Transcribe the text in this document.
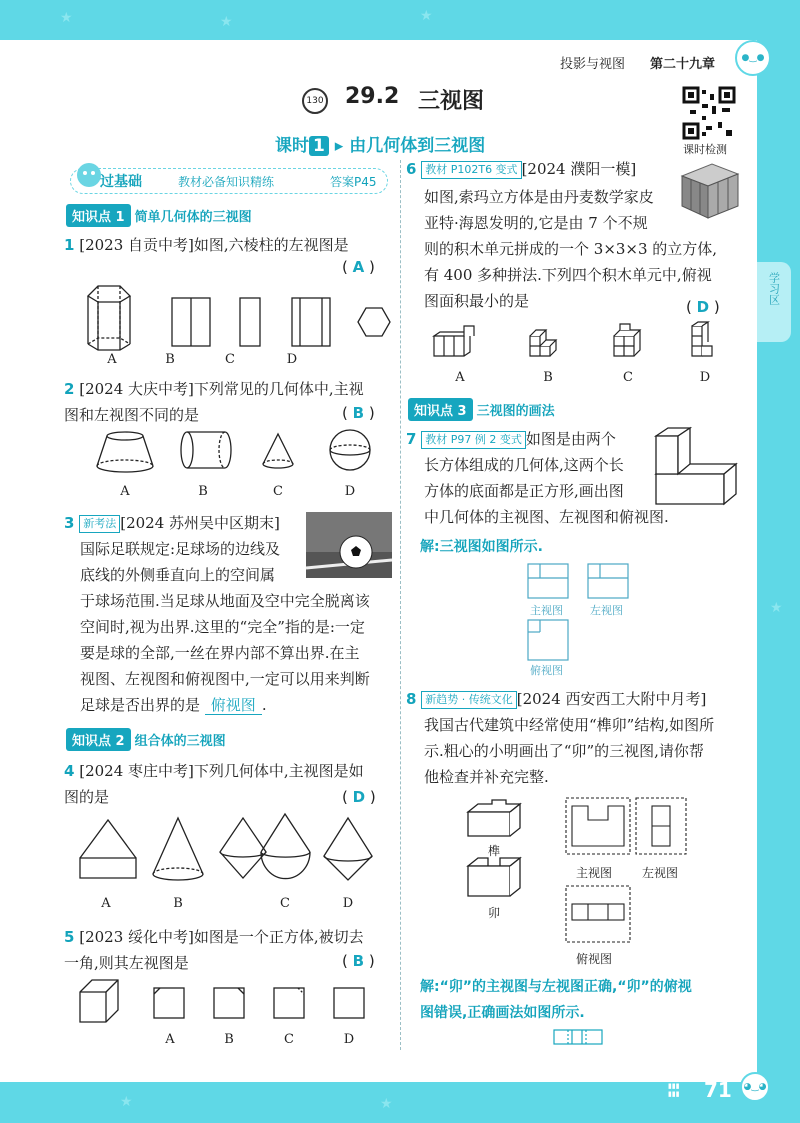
★	★	★
★	★
★
投影与视图 第二十九章	●‿●
学习区
130 29.2 三视图
课时 1 ▸ 由几何体到三视图	课时检测
过基础	教材必备知识精练	答案P45
知识点 1 简单几何体的三视图
1 [2023 自贡中考]如图,六棱柱的左视图是
( A )
A	B	C	D
2 [2024 大庆中考]下列常见的几何体中,主视
图和左视图不同的是	( B )
A	B	C	D
3 新考法 [2024 苏州吴中区期末]
国际足联规定:足球场的边线及
底线的外侧垂直向上的空间属
于球场范围.当足球从地面及空中完全脱离该
空间时,视为出界.这里的“完全”指的是:一定
要是球的全部,一丝在界内部不算出界.在主
视图、左视图和俯视图中,一定可以用来判断
足球是否出界的是 俯视图 .
知识点 2 组合体的三视图
4 [2024 枣庄中考]下列几何体中,主视图是如
图的是	( D )
A	B	C	D
5 [2023 绥化中考]如图是一个正方体,被切去
一角,则其左视图是	( B )
A	B	C	D
6 教材 P102T6 变式 [2024 濮阳一模]
如图,索玛立方体是由丹麦数学家皮
亚特·海恩发明的,它是由 7 个不规
则的积木单元拼成的一个 3×3×3 的立方体,
有 400 多种拼法.下列四个积木单元中,俯视
图面积最小的是	( D )
A	B	C	D
知识点 3 三视图的画法
7 教材 P97 例 2 变式 如图是由两个
长方体组成的几何体,这两个长
方体的底面都是正方形,画出图
中几何体的主视图、左视图和俯视图.
解:三视图如图所示.
主视图 左视图
俯视图
8 新趋势 · 传统文化 [2024 西安西工大附中月考]
我国古代建筑中经常使用“榫卯”结构,如图所
示.粗心的小明画出了“卯”的三视图,请你帮
他检查并补充完整.
榫
卯
主视图 左视图
俯视图
解:“卯”的主视图与左视图正确,“卯”的俯视
图错误,正确画法如图所示.
▮▮▮
▮▮▮ 71	◕‿◕
